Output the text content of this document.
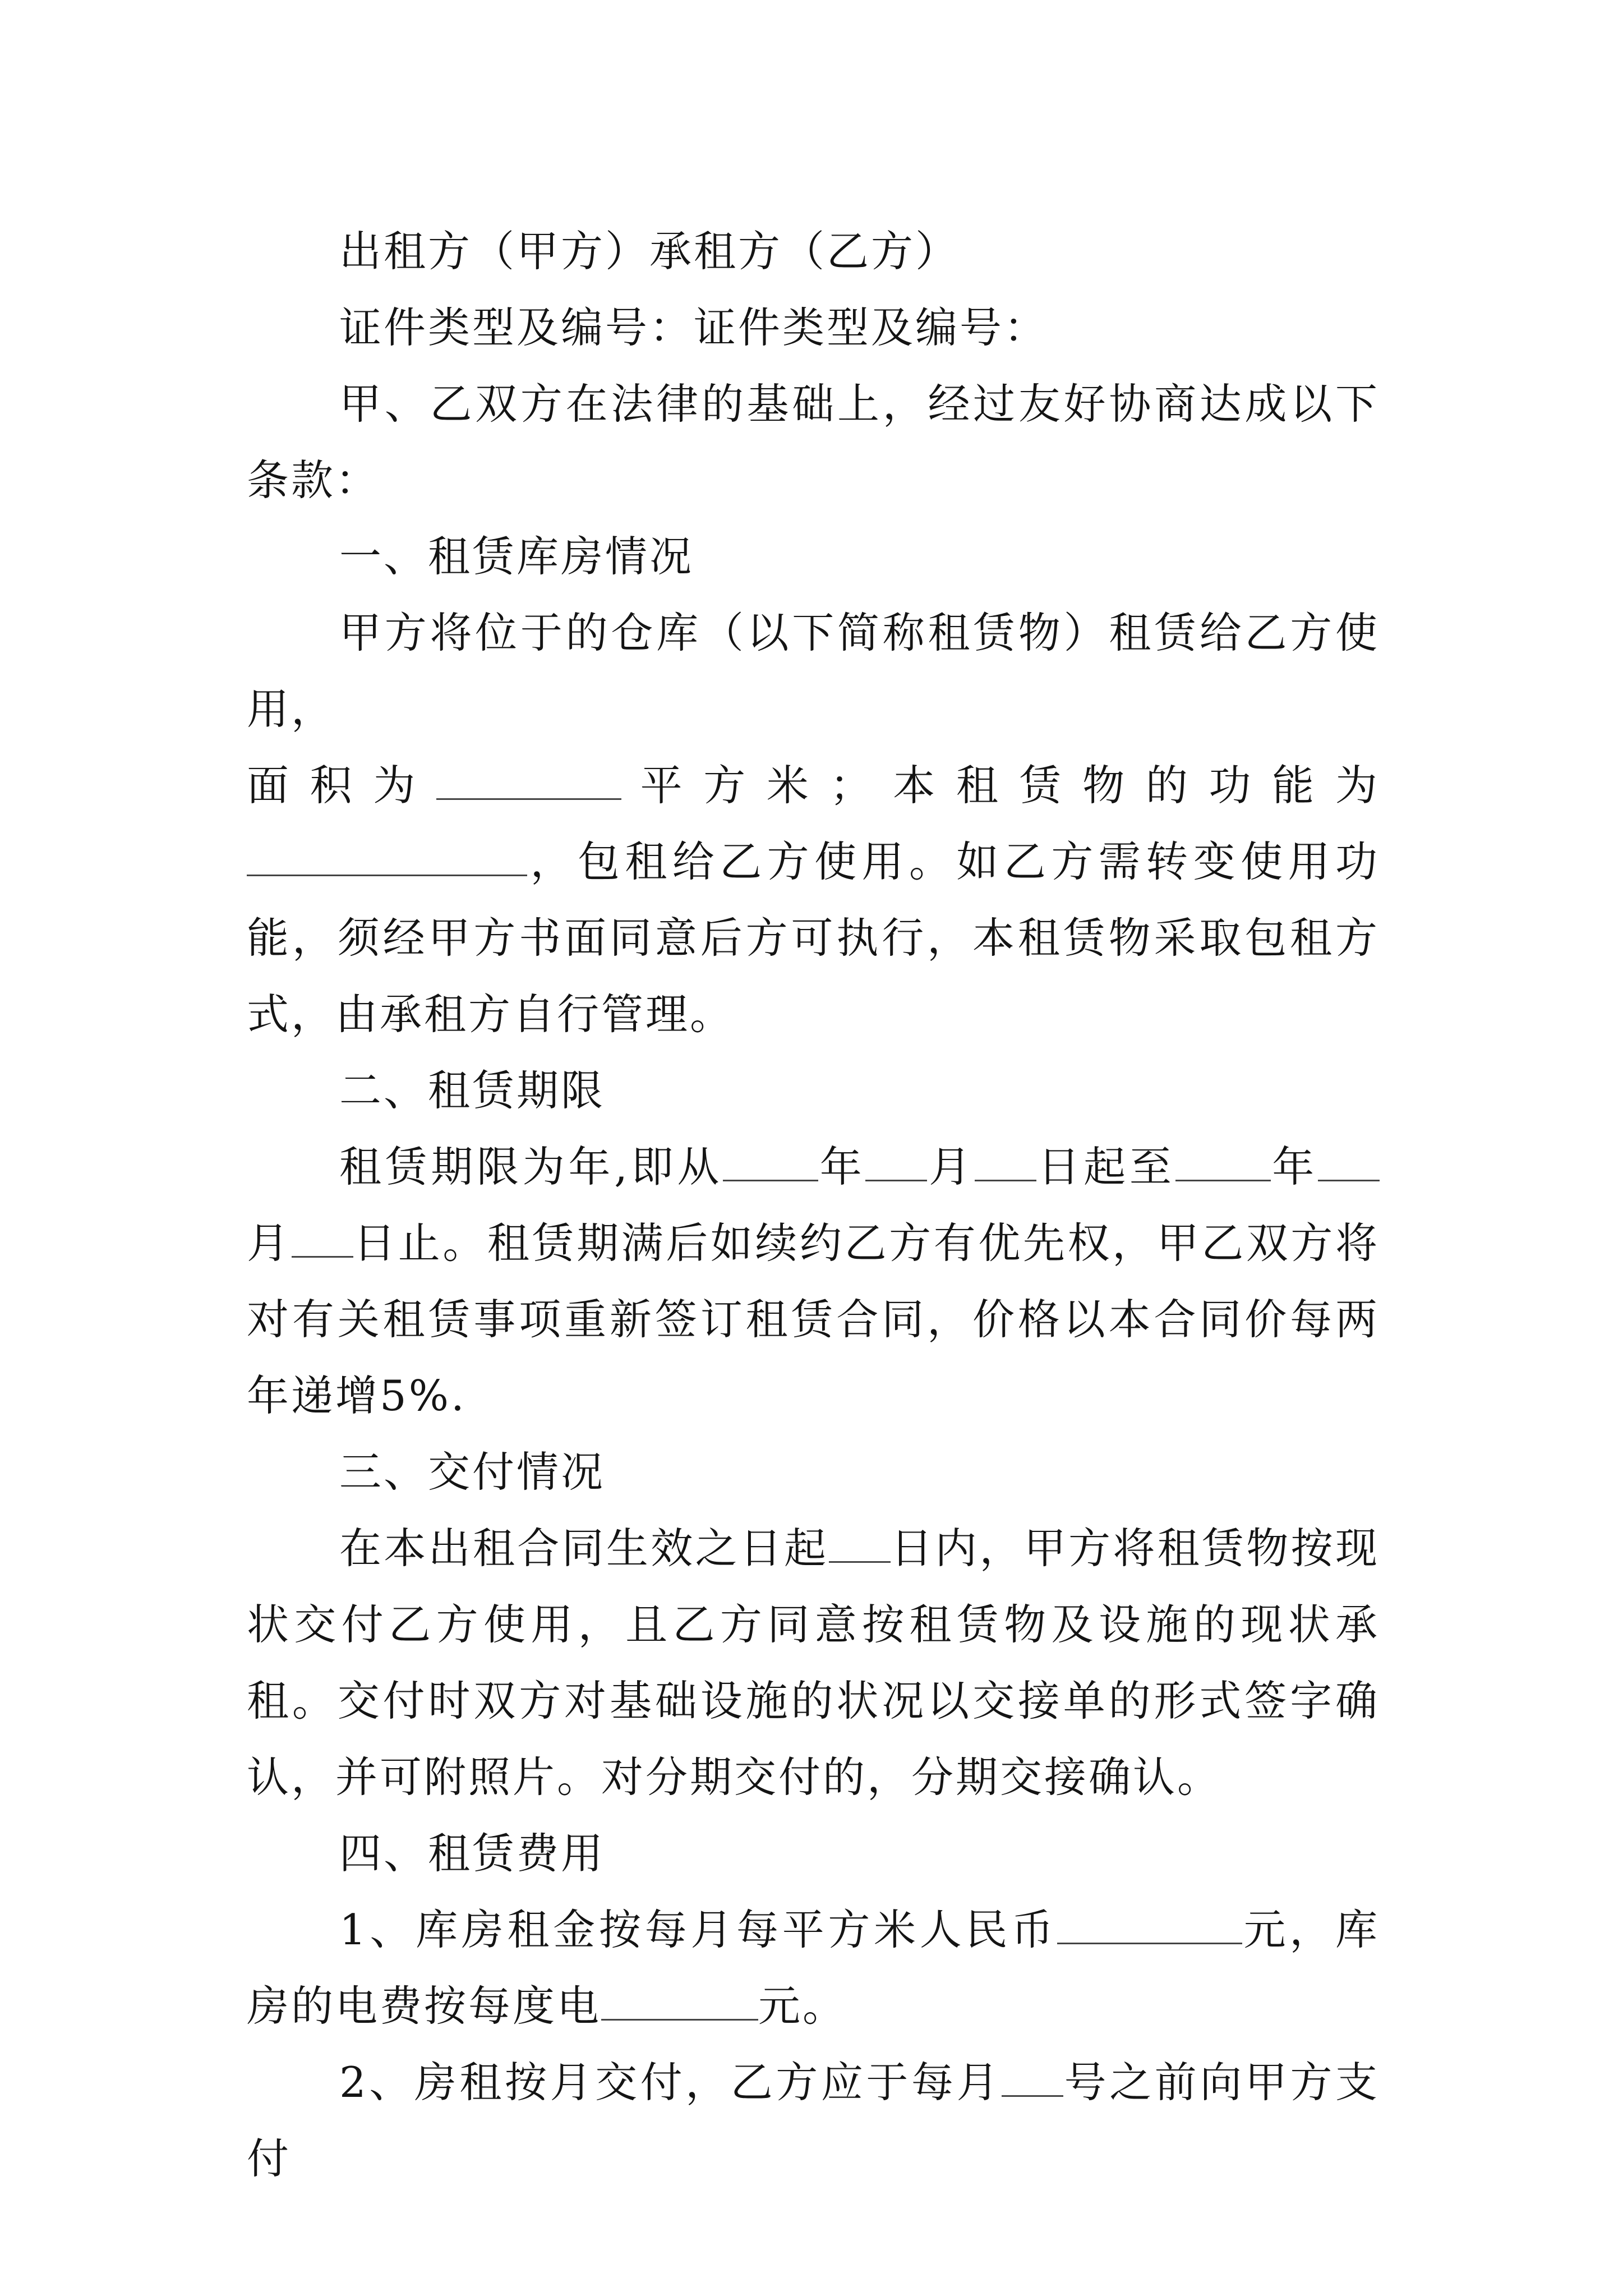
出租方（甲方）承租方（乙方）

证件类型及编号：证件类型及编号：

甲、乙双方在法律的基础上，经过友好协商达成以下条款：

一、租赁库房情况

甲方将位于的仓库（以下简称租赁物）租赁给乙方使用，

面 积 为	平 方 米 ； 本 租 赁 物 的 功 能 为

，包租给乙方使用。如乙方需转变使用功能，须经甲方书面同意后方可执行，本租赁物采取包租方式，由承租方自行管理。

二、租赁期限

租赁期限为年,即从 年 月 日起至 年月 日止。租赁期满后如续约乙方有优先权，甲乙双方将对有关租赁事项重新签订租赁合同，价格以本合同价每两年递增5%.

三、交付情况

在本出租合同生效之日起 日内，甲方将租赁物按现状交付乙方使用，且乙方同意按租赁物及设施的现状承租。交付时双方对基础设施的状况以交接单的形式签字确认，并可附照片。对分期交付的，分期交接确认。

四、租赁费用

1、库房租金按每月每平方米人民币	元，库房的电费按每度电	元。

2、房租按月交付，乙方应于每月 号之前向甲方支付
